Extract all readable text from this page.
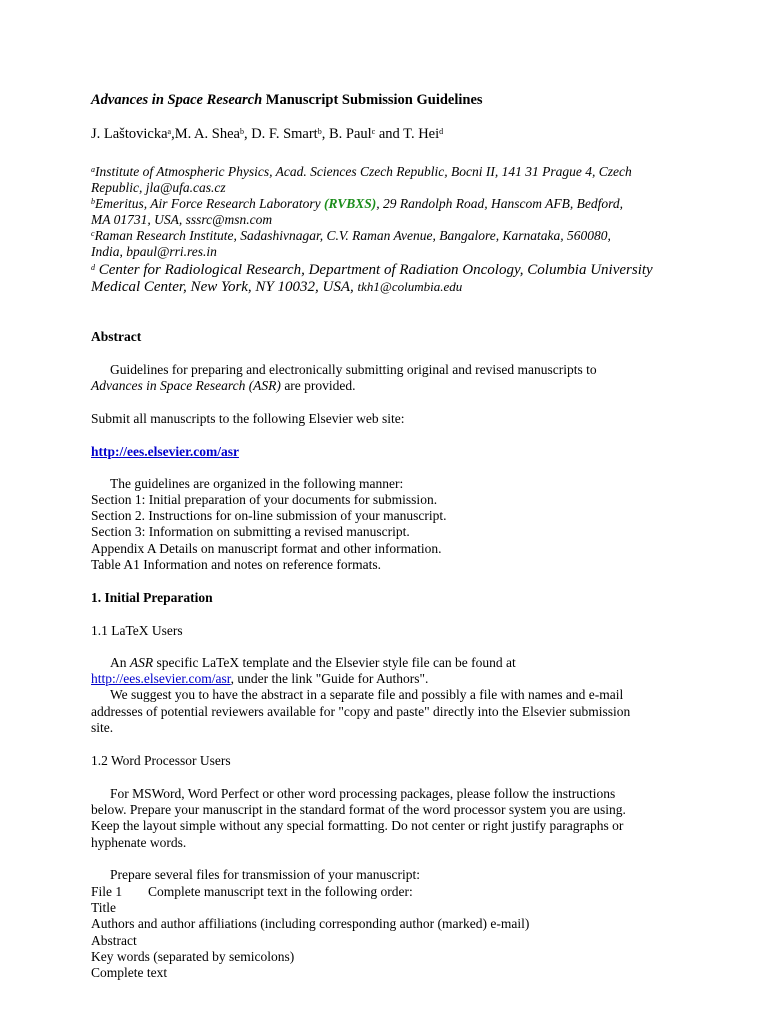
Advances in Space Research Manuscript Submission Guidelines
J. Laštovicka$^a$,M. A. Shea$^b$, D. F. Smart$^b$, B. Paul$^c$ and T. Hei$^d$
$^a$Institute of Atmospheric Physics, Acad. Sciences Czech Republic, Bocni II, 141 31 Prague 4, Czech
Republic, jla@ufa.cas.cz
$^b$Emeritus, Air Force Research Laboratory (RVBXS), 29 Randolph Road, Hanscom AFB, Bedford,
MA 01731, USA, sssrc@msn.com
$^c$Raman Research Institute, Sadashivnagar, C.V. Raman Avenue, Bangalore, Karnataka, 560080,
India, bpaul@rri.res.in
$^d$ Center for Radiological Research, Department of Radiation Oncology, Columbia University
Medical Center, New York, NY 10032, USA, tkh1@columbia.edu
Abstract
Guidelines for preparing and electronically submitting original and revised manuscripts to
Advances in Space Research (ASR) are provided.
Submit all manuscripts to the following Elsevier web site:
http://ees.elsevier.com/asr
The guidelines are organized in the following manner:
Section 1: Initial preparation of your documents for submission.
Section 2. Instructions for on-line submission of your manuscript.
Section 3: Information on submitting a revised manuscript.
Appendix A Details on manuscript format and other information.
Table A1 Information and notes on reference formats.
1. Initial Preparation
1.1 LaTeX Users
An ASR specific LaTeX template and the Elsevier style file can be found at
http://ees.elsevier.com/asr, under the link "Guide for Authors".
We suggest you to have the abstract in a separate file and possibly a file with names and e-mail
addresses of potential reviewers available for "copy and paste" directly into the Elsevier submission
site.
1.2 Word Processor Users
For MSWord, Word Perfect or other word processing packages, please follow the instructions
below. Prepare your manuscript in the standard format of the word processor system you are using.
Keep the layout simple without any special formatting. Do not center or right justify paragraphs or
hyphenate words.
Prepare several files for transmission of your manuscript:
File 1 Complete manuscript text in the following order:
Title
Authors and author affiliations (including corresponding author (marked) e-mail)
Abstract
Key words (separated by semicolons)
Complete text
